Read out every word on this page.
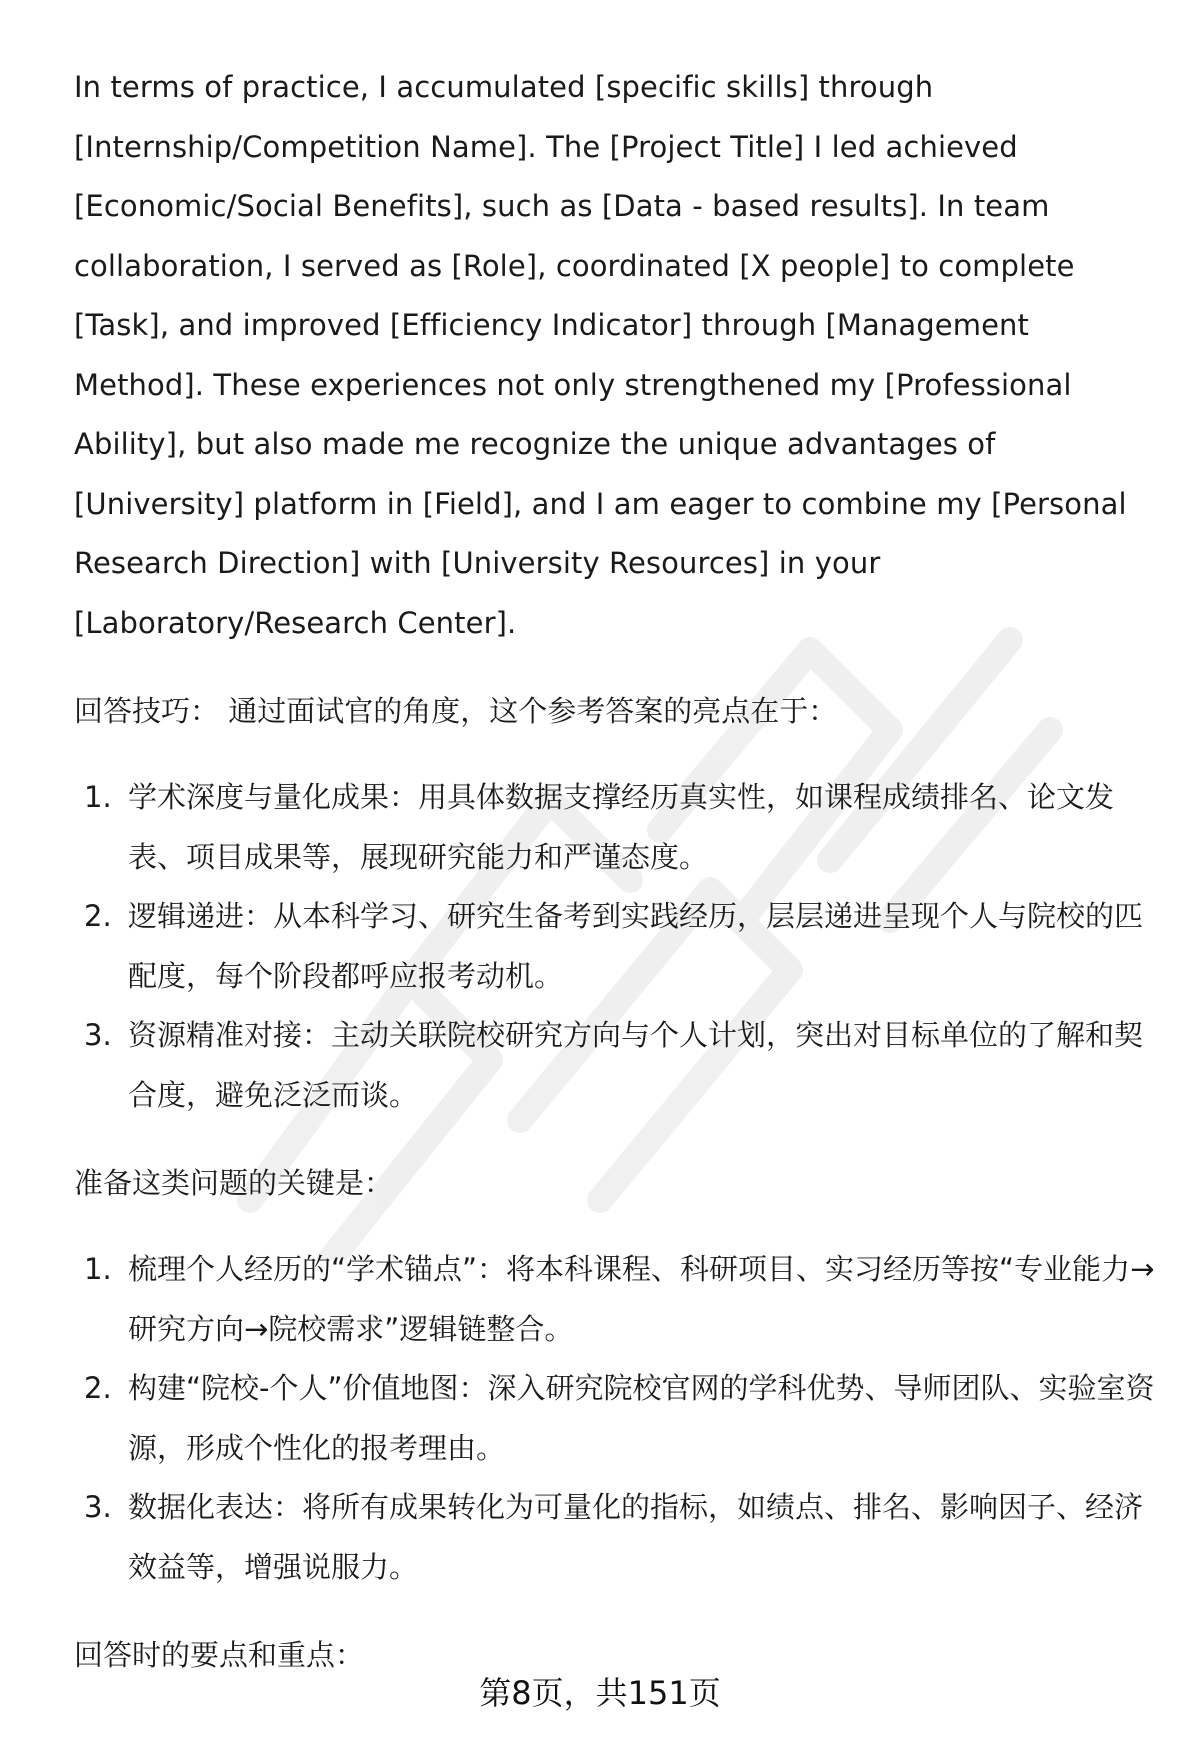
In terms of practice, I accumulated [specific skills] through [Internship/Competition Name]. The [Project Title] I led achieved [Economic/Social Benefits], such as [Data - based results]. In team collaboration, I served as [Role], coordinated [X people] to complete [Task], and improved [Efficiency Indicator] through [Management Method]. These experiences not only strengthened my [Professional Ability], but also made me recognize the unique advantages of [University] platform in [Field], and I am eager to combine my [Personal Research Direction] with [University Resources] in your [Laboratory/Research Center].

回答技巧： 通过面试官的角度，这个参考答案的亮点在于：
1. 学术深度与量化成果：用具体数据支撑经历真实性，如课程成绩排名、论文发表、项目成果等，展现研究能力和严谨态度。
2. 逻辑递进：从本科学习、研究生备考到实践经历，层层递进呈现个人与院校的匹配度，每个阶段都呼应报考动机。
3. 资源精准对接：主动关联院校研究方向与个人计划，突出对目标单位的了解和契合度，避免泛泛而谈。
准备这类问题的关键是：
1. 梳理个人经历的“学术锚点”：将本科课程、科研项目、实习经历等按“专业能力→研究方向→院校需求”逻辑链整合。
2. 构建“院校-个人”价值地图：深入研究院校官网的学科优势、导师团队、实验室资源，形成个性化的报考理由。
3. 数据化表达：将所有成果转化为可量化的指标，如绩点、排名、影响因子、经济效益等，增强说服力。
回答时的要点和重点：
第8页，共151页
